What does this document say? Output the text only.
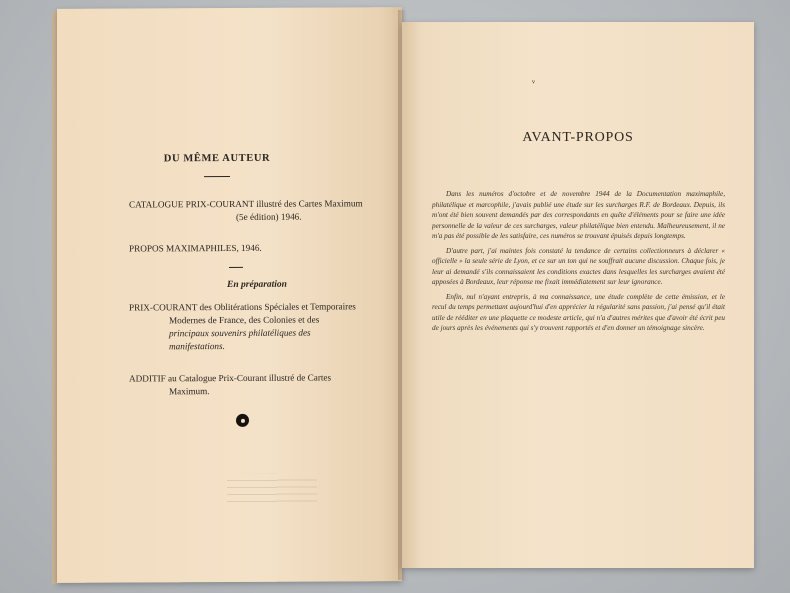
DU MÊME AUTEUR
CATALOGUE PRIX-COURANT illustré des Cartes Maximum
(5e édition) 1946.
PROPOS MAXIMAPHILES, 1946.
En préparation
PRIX-COURANT des Oblitérations Spéciales et Temporaires
Modernes de France, des Colonies et des
principaux souvenirs philatéliques des
manifestations.
ADDITIF au Catalogue Prix-Courant illustré de Cartes
Maximum.
ᵛ
AVANT-PROPOS

Dans les numéros d'octobre et de novembre 1944 de la Documentation maximaphile, philatélique et marcophile, j'avais publié une étude sur les surcharges R.F. de Bordeaux. Depuis, ils m'ont été bien souvent demandés par des correspondants en quête d'éléments pour se faire une idée personnelle de la valeur de ces surcharges, valeur philatélique bien entendu. Malheureusement, il ne m'a pas été possible de les satisfaire, ces numéros se trouvant épuisés depuis longtemps.

D'autre part, j'ai maintes fois constaté la tendance de certains collectionneurs à déclarer « officielle » la seule série de Lyon, et ce sur un ton qui ne souffrait aucune discussion. Chaque fois, je leur ai demandé s'ils connaissaient les conditions exactes dans lesquelles les surcharges avaient été apposées à Bordeaux, leur réponse me fixait immédiatement sur leur ignorance.

Enfin, nul n'ayant entrepris, à ma connaissance, une étude complète de cette émission, et le recul du temps permettant aujourd'hui d'en apprécier la régularité sans passion, j'ai pensé qu'il était utile de rééditer en une plaquette ce modeste article, qui n'a d'autres mérites que d'avoir été écrit peu de jours après les événements qui s'y trouvent rapportés et d'en donner un témoignage sincère.
